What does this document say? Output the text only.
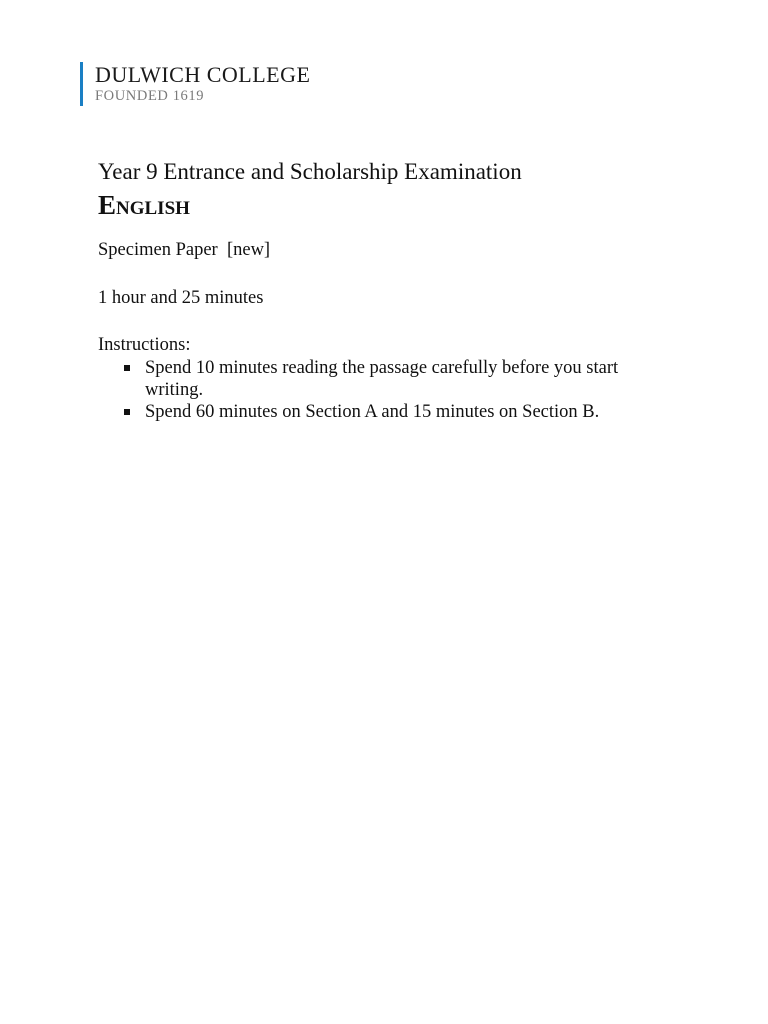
DULWICH COLLEGE
FOUNDED 1619
Year 9 Entrance and Scholarship Examination
English
Specimen Paper  [new]
1 hour and 25 minutes
Instructions:
Spend 10 minutes reading the passage carefully before you start writing.
Spend 60 minutes on Section A and 15 minutes on Section B.
